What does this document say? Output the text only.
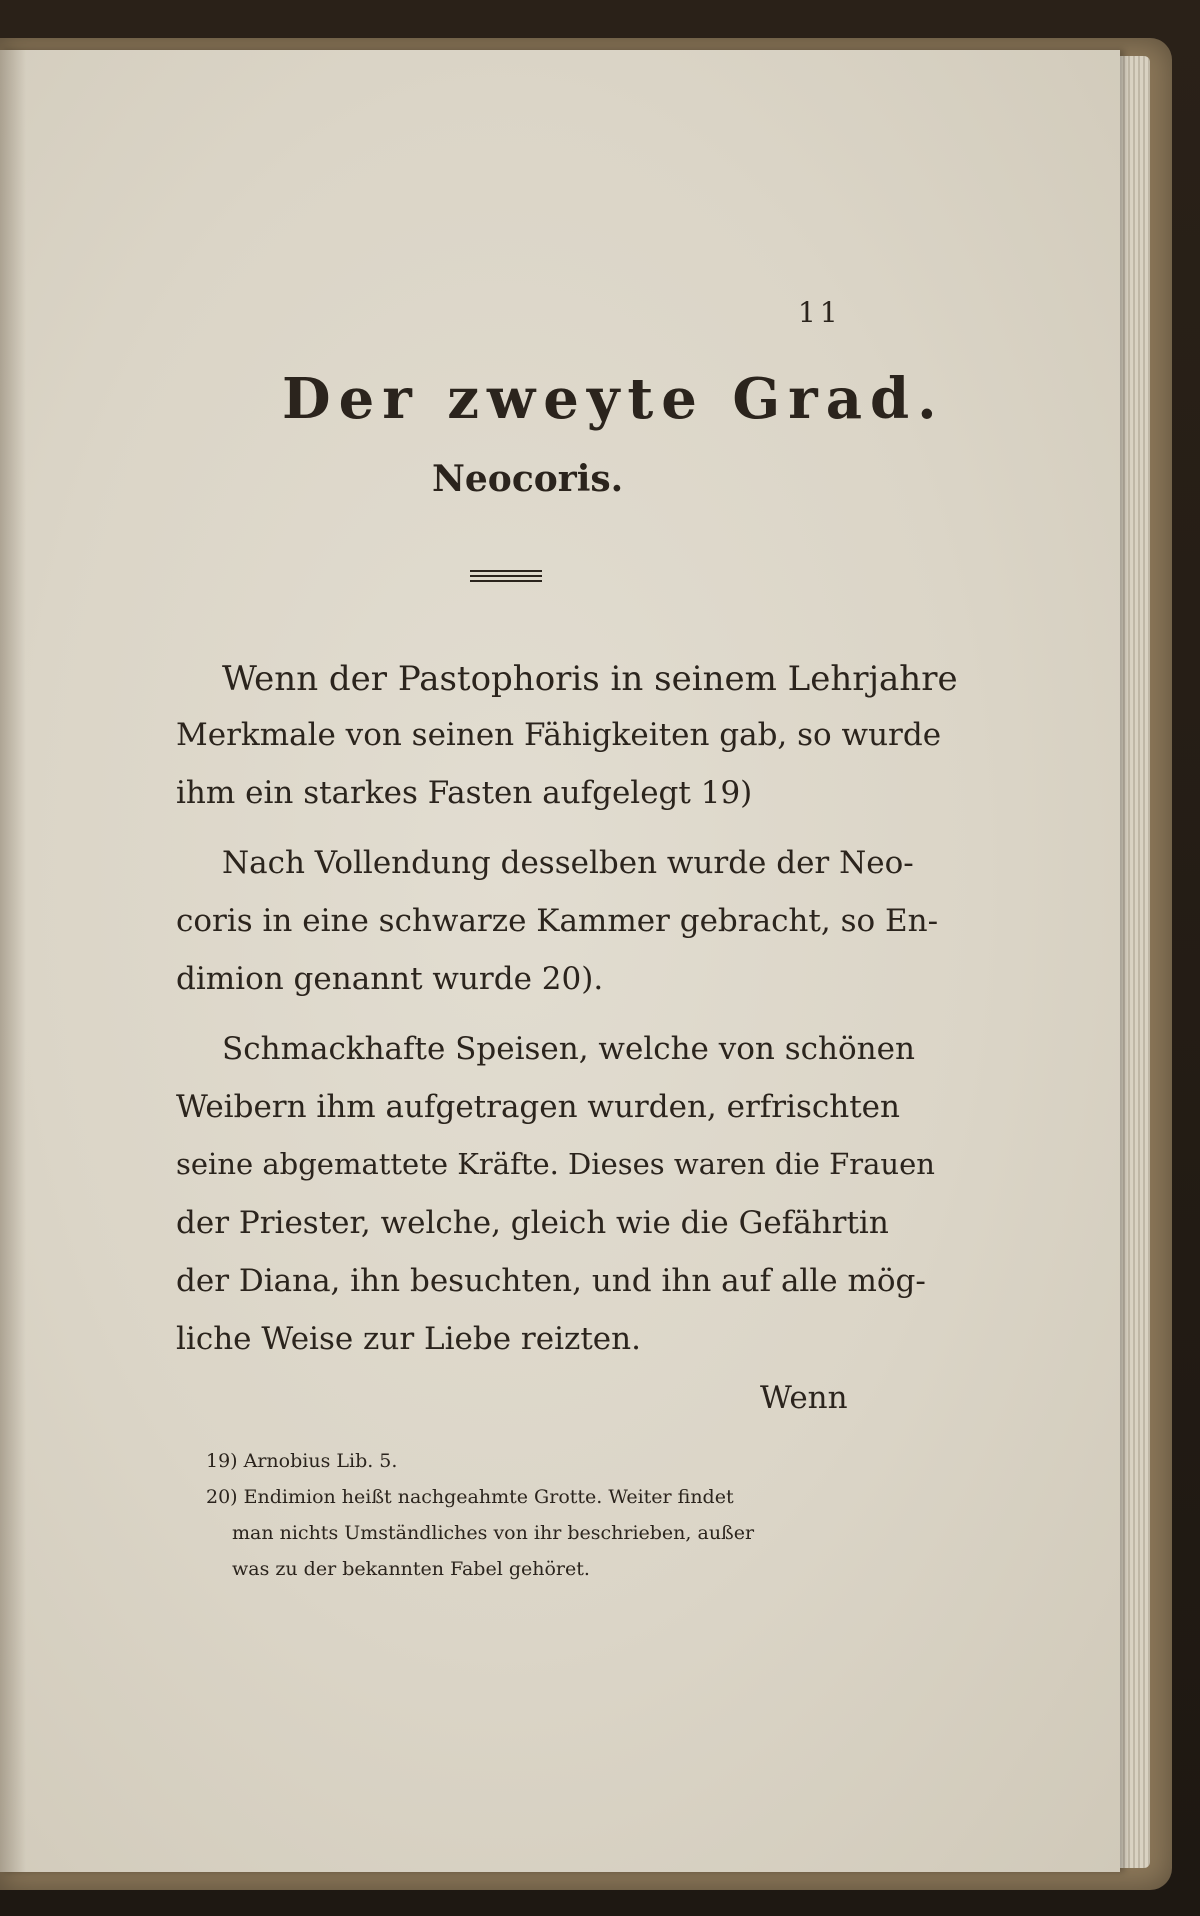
11
Der zweyte Grad.
Neocoris.
Wenn der Pastophoris in seinem Lehrjahre
Merkmale von seinen Fähigkeiten gab, so wurde
ihm ein starkes Fasten aufgelegt 19)
Nach Vollendung desselben wurde der Neo-
coris in eine schwarze Kammer gebracht, so En-
dimion genannt wurde 20).
Schmackhafte Speisen, welche von schönen
Weibern ihm aufgetragen wurden, erfrischten
seine abgemattete Kräfte. Dieses waren die Frauen
der Priester, welche, gleich wie die Gefährtin
der Diana, ihn besuchten, und ihn auf alle mög-
liche Weise zur Liebe reizten.
Wenn
19) Arnobius Lib. 5.
20) Endimion heißt nachgeahmte Grotte. Weiter findet
man nichts Umständliches von ihr beschrieben, außer
was zu der bekannten Fabel gehöret.
